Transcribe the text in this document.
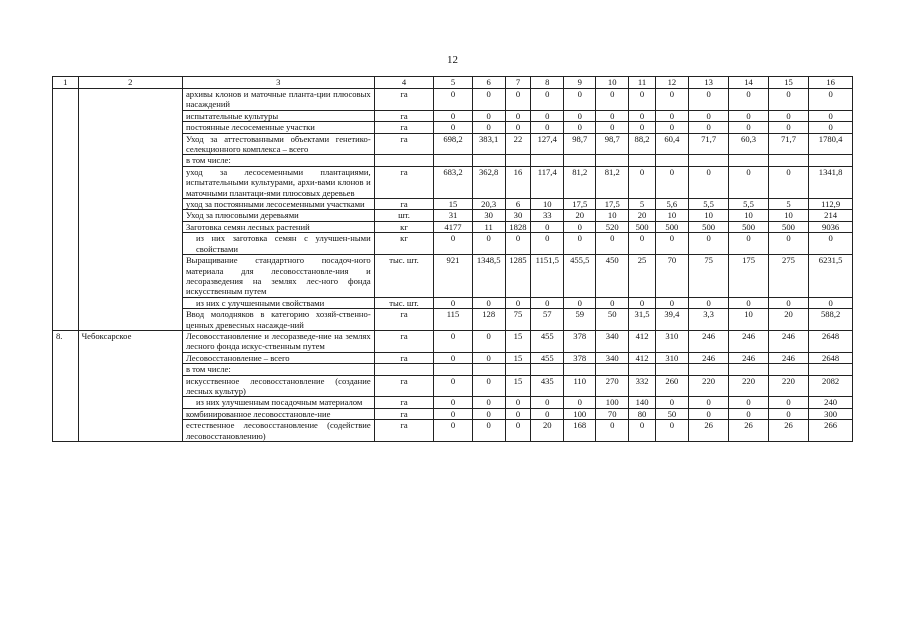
12
1	2	3	4	5	6	7	8	9	10	11	12	13	14	15	16
		архивы клонов и маточные планта-ции плюсовых насаждений	га	0	0	0	0	0	0	0	0	0	0	0	0
		испытательные культуры	га	0	0	0	0	0	0	0	0	0	0	0	0
		постоянные лесосеменные участки	га	0	0	0	0	0	0	0	0	0	0	0	0
		Уход за аттестованными объектами генетико-селекционного комплекса – всего	га	698,2	383,1	22	127,4	98,7	98,7	88,2	60,4	71,7	60,3	71,7	1780,4
		в том числе:													
		уход за лесосеменными плантациями, испытательными культурами, архи-вами клонов и маточными плантаци-ями плюсовых деревьев	га	683,2	362,8	16	117,4	81,2	81,2	0	0	0	0	0	1341,8
		уход за постоянными лесосеменными участками	га	15	20,3	6	10	17,5	17,5	5	5,6	5,5	5,5	5	112,9
		Уход за плюсовыми деревьями	шт.	31	30	30	33	20	10	20	10	10	10	10	214
		Заготовка семян лесных растений	кг	4177	11	1828	0	0	520	500	500	500	500	500	9036
		из них заготовка семян с улучшен-ными свойствами	кг	0	0	0	0	0	0	0	0	0	0	0	0
		Выращивание стандартного посадоч-ного материала для лесовосстановле-ния и лесоразведения на землях лес-ного фонда искусственным путем	тыс. шт.	921	1348,5	1285	1151,5	455,5	450	25	70	75	175	275	6231,5
		из них с улучшенными свойствами	тыс. шт.	0	0	0	0	0	0	0	0	0	0	0	0
		Ввод молодняков в категорию хозяй-ственно-ценных древесных насажде-ний	га	115	128	75	57	59	50	31,5	39,4	3,3	10	20	588,2
8.	Чебоксарское	Лесовосстановление и лесоразведе-ние на землях лесного фонда искус-ственным путем	га	0	0	15	455	378	340	412	310	246	246	246	2648
		Лесовосстановление – всего	га	0	0	15	455	378	340	412	310	246	246	246	2648
		в том числе:													
		искусственное лесовосстановление (создание лесных культур)	га	0	0	15	435	110	270	332	260	220	220	220	2082
		из них улучшенным посадочным материалом	га	0	0	0	0	0	100	140	0	0	0	0	240
		комбинированное лесовосстановле-ние	га	0	0	0	0	100	70	80	50	0	0	0	300
		естественное лесовосстановление (содействие лесовосстановлению)	га	0	0	0	20	168	0	0	0	26	26	26	266
